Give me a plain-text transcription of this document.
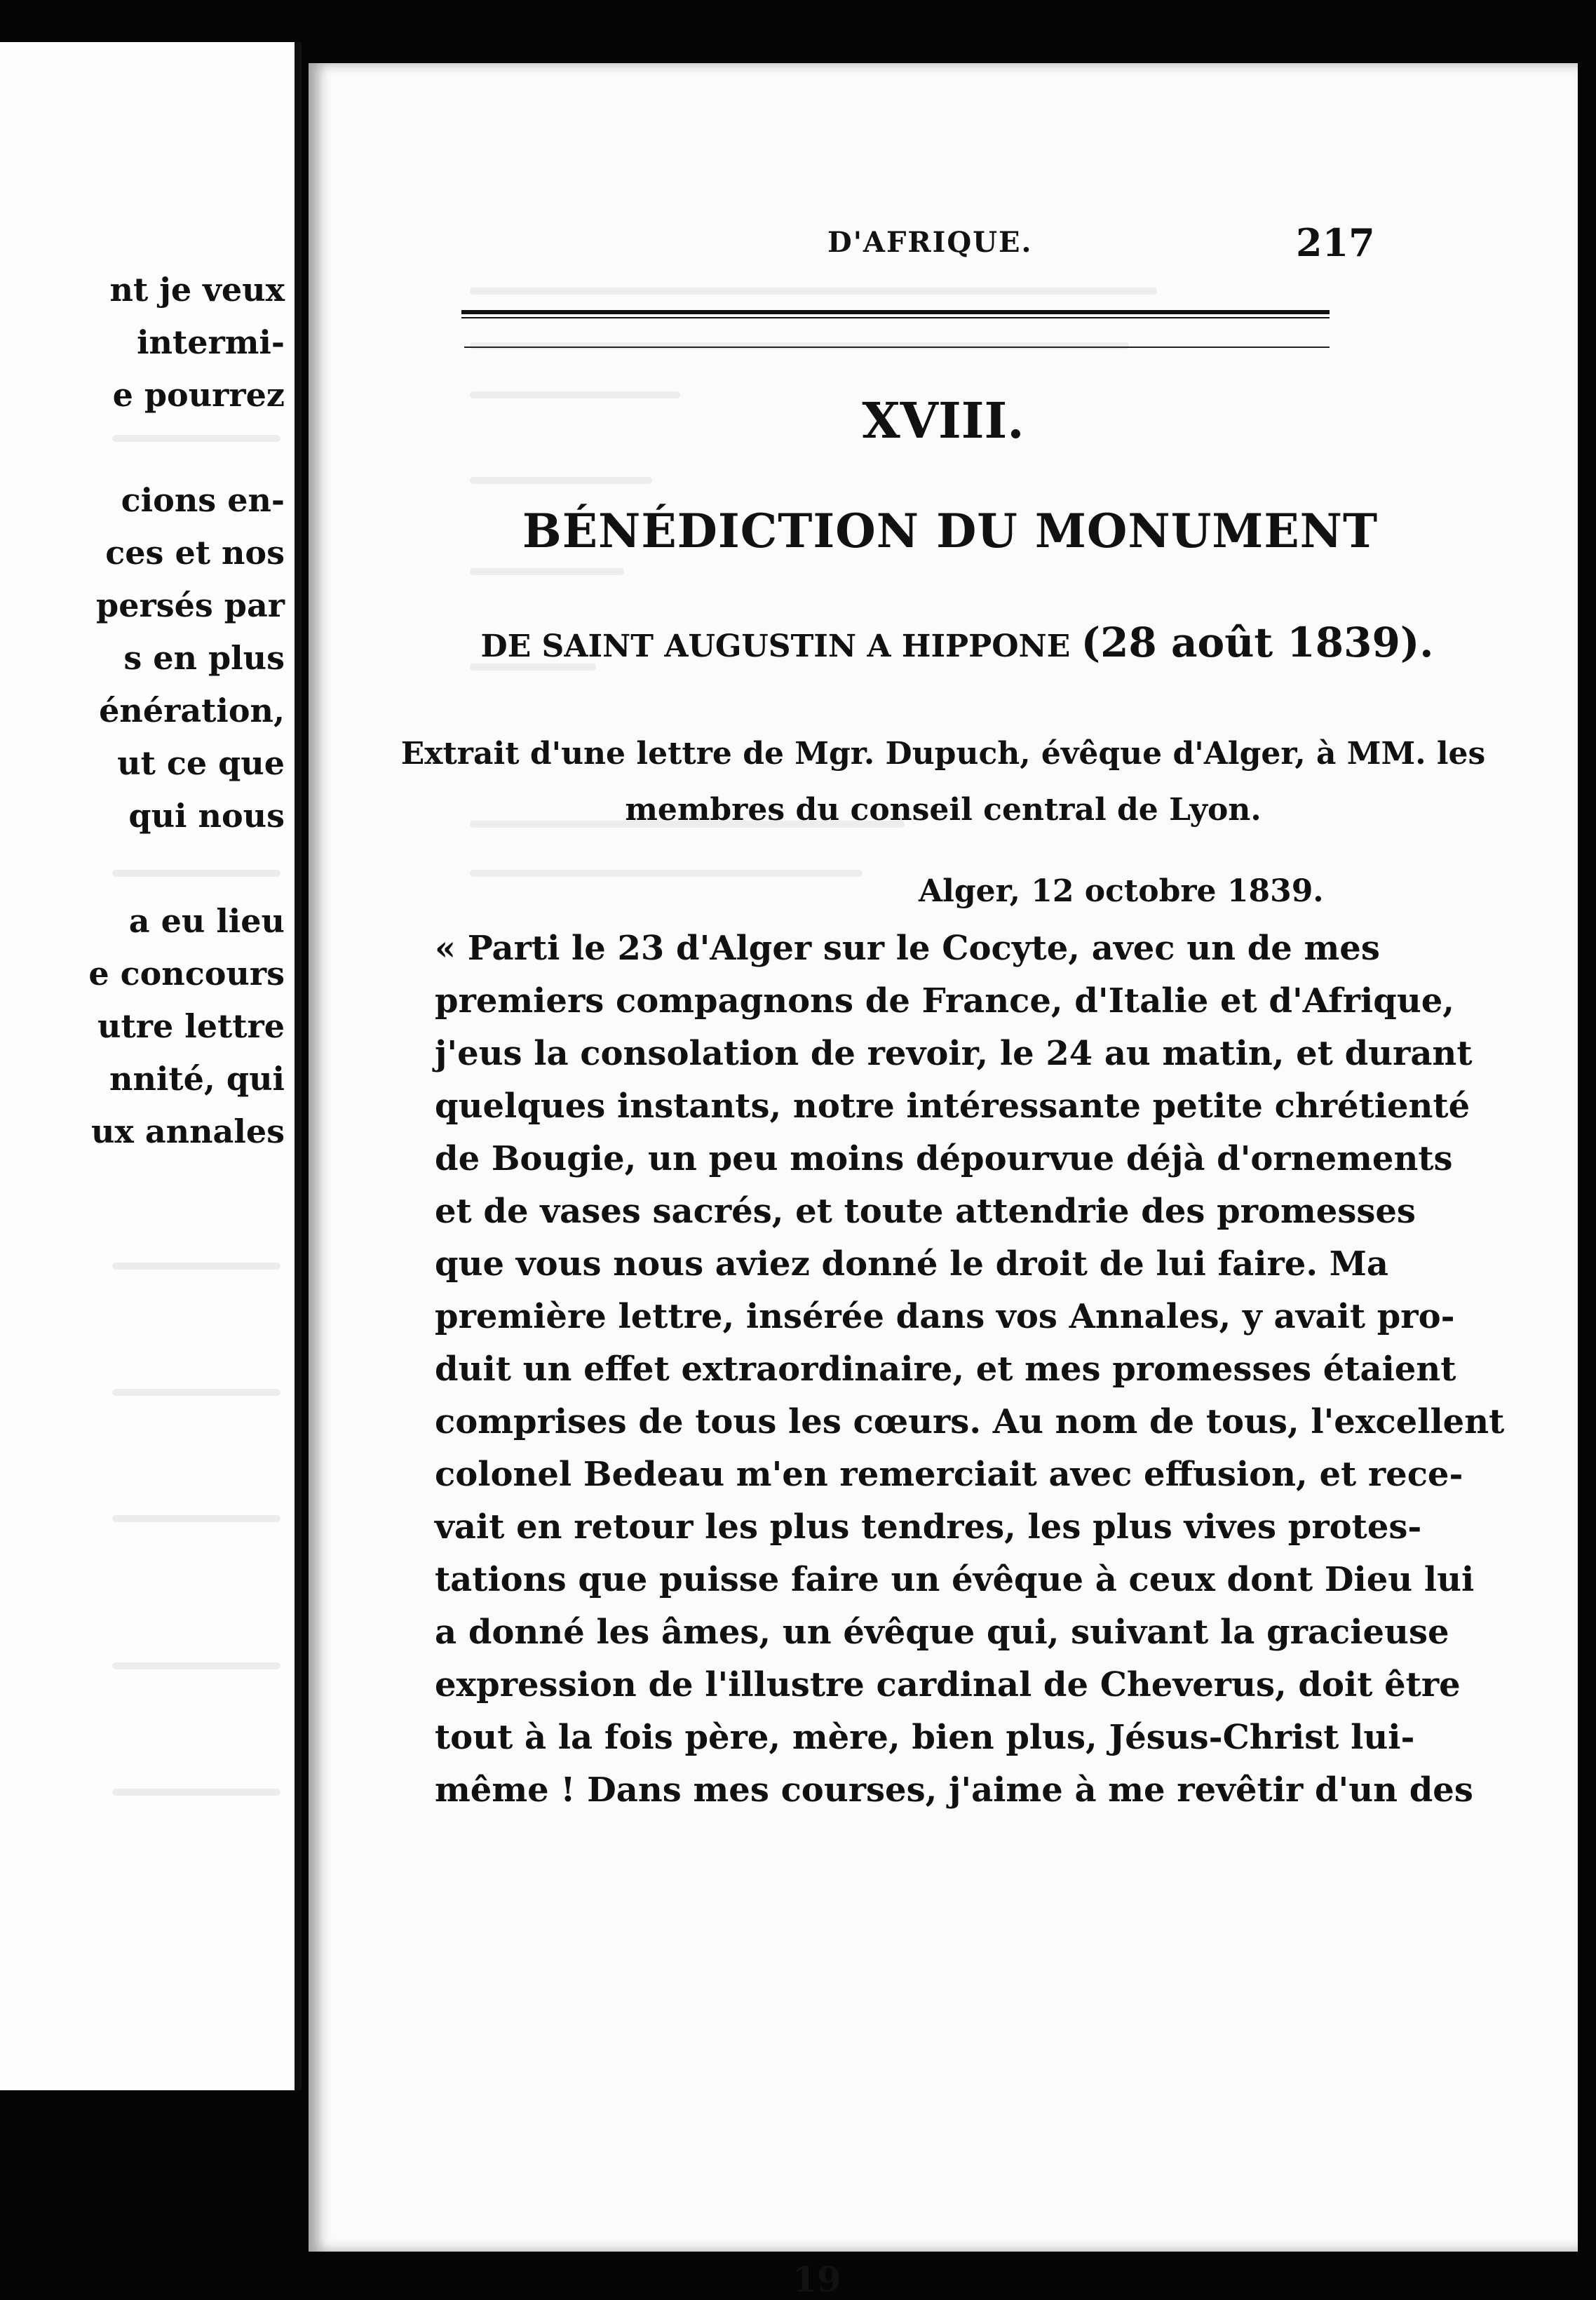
nt je veux
intermi-
e pourrez
cions en-
ces et nos
persés par
s en plus
énération,
ut ce que
qui nous
a eu lieu
e concours
utre lettre
nnité, qui
ux annales
D'AFRIQUE.	217
XVIII.
BÉNÉDICTION DU MONUMENT
DE SAINT AUGUSTIN A HIPPONE (28 août 1839).
Extrait d'une lettre de Mgr. Dupuch, évêque d'Alger, à MM. les
membres du conseil central de Lyon.
Alger, 12 octobre 1839.
« Parti le 23 d'Alger sur le Cocyte, avec un de mes
premiers compagnons de France, d'Italie et d'Afrique,
j'eus la consolation de revoir, le 24 au matin, et durant
quelques instants, notre intéressante petite chrétienté
de Bougie, un peu moins dépourvue déjà d'ornements
et de vases sacrés, et toute attendrie des promesses
que vous nous aviez donné le droit de lui faire. Ma
première lettre, insérée dans vos Annales, y avait pro-
duit un effet extraordinaire, et mes promesses étaient
comprises de tous les cœurs. Au nom de tous, l'excellent
colonel Bedeau m'en remerciait avec effusion, et rece-
vait en retour les plus tendres, les plus vives protes-
tations que puisse faire un évêque à ceux dont Dieu lui
a donné les âmes, un évêque qui, suivant la gracieuse
expression de l'illustre cardinal de Cheverus, doit être
tout à la fois père, mère, bien plus, Jésus-Christ lui-
même ! Dans mes courses, j'aime à me revêtir d'un des
19
